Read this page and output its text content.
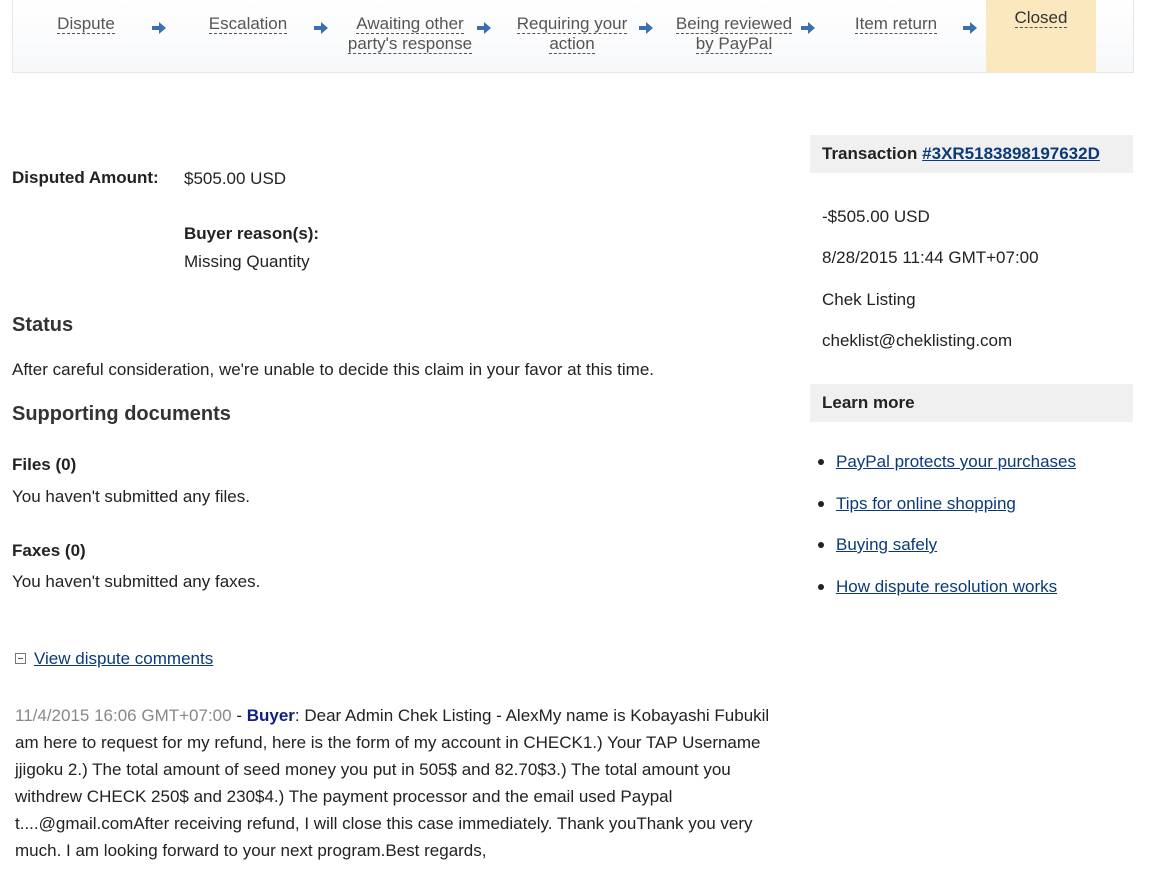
Dispute	Escalation	Awaiting other party's response
Requiring your action
Being reviewed by PayPal
Item return	Closed
Disputed Amount: $505.00 USD
Buyer reason(s):
Missing Quantity
Status
After careful consideration, we're unable to decide this claim in your favor at this time.
Supporting documents
Files (0)
You haven't submitted any files.
Faxes (0)
You haven't submitted any faxes.
View dispute comments
11/4/2015 16:06 GMT+07:00 - Buyer: Dear Admin Chek Listing - AlexMy name is Kobayashi Fubukil am here to request for my refund, here is the form of my account in CHECK1.) Your TAP Username jjigoku 2.) The total amount of seed money you put in 505$ and 82.70$3.) The total amount you withdrew CHECK 250$ and 230$4.) The payment processor and the email used Paypal t....@gmail.comAfter receiving refund, I will close this case immediately. Thank youThank you very much. I am looking forward to your next program.Best regards,
Transaction #3XR5183898197632D
-$505.00 USD
8/28/2015 11:44 GMT+07:00
Chek Listing
cheklist@cheklisting.com
Learn more
PayPal protects your purchases
Tips for online shopping
Buying safely
How dispute resolution works
